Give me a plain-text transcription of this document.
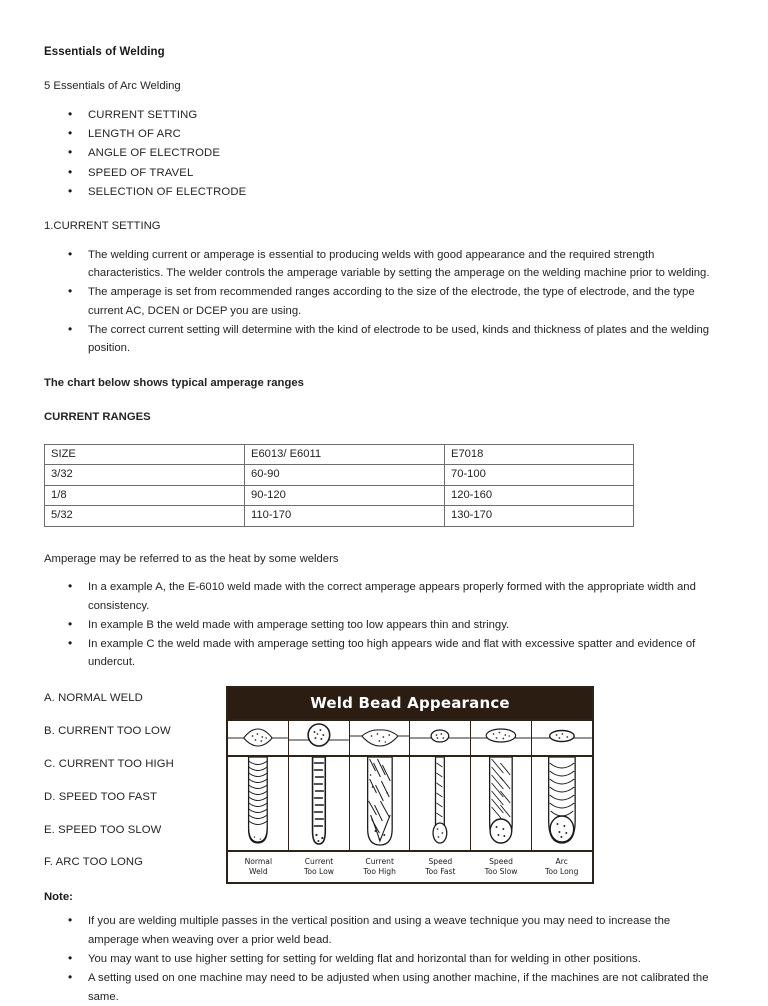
Essentials of Welding

5 Essentials of Arc Welding

• CURRENT SETTING
• LENGTH OF ARC
• ANGLE OF ELECTRODE
• SPEED OF TRAVEL
• SELECTION OF ELECTRODE

1.CURRENT SETTING

• The welding current or amperage is essential to producing welds with good appearance and the required strength characteristics. The welder controls the amperage variable by setting the amperage on the welding machine prior to welding.
• The amperage is set from recommended ranges according to the size of the electrode, the type of electrode, and the type current AC, DCEN or DCEP you are using.
• The correct current setting will determine with the kind of electrode to be used, kinds and thickness of plates and the welding position.

The chart below shows typical amperage ranges

CURRENT RANGES

SIZE	E6013/ E6011	E7018
3/32	60-90	70-100
1/8	90-120	120-160
5/32	110-170	130-170

Amperage may be referred to as the heat by some welders

• In a example A, the E-6010 weld made with the correct amperage appears properly formed with the appropriate width and consistency.
• In example B the weld made with amperage setting too low appears thin and stringy.
• In example C the weld made with amperage setting too high appears wide and flat with excessive spatter and evidence of undercut.
A. NORMAL WELD
B. CURRENT TOO LOW
C. CURRENT TOO HIGH
D. SPEED TOO FAST
E. SPEED TOO SLOW
F. ARC TOO LONG
Note:
Weld Bead Appearance
Normal
Weld
Current
Too Low
Current
Too High
Speed
Too Fast
Speed
Too Slow
Arc
Too Long
• If you are welding multiple passes in the vertical position and using a weave technique you may need to increase the amperage when weaving over a prior weld bead.
• You may want to use higher setting for setting for welding flat and horizontal than for welding in other positions.
• A setting used on one machine may need to be adjusted when using another machine, if the machines are not calibrated the same.
